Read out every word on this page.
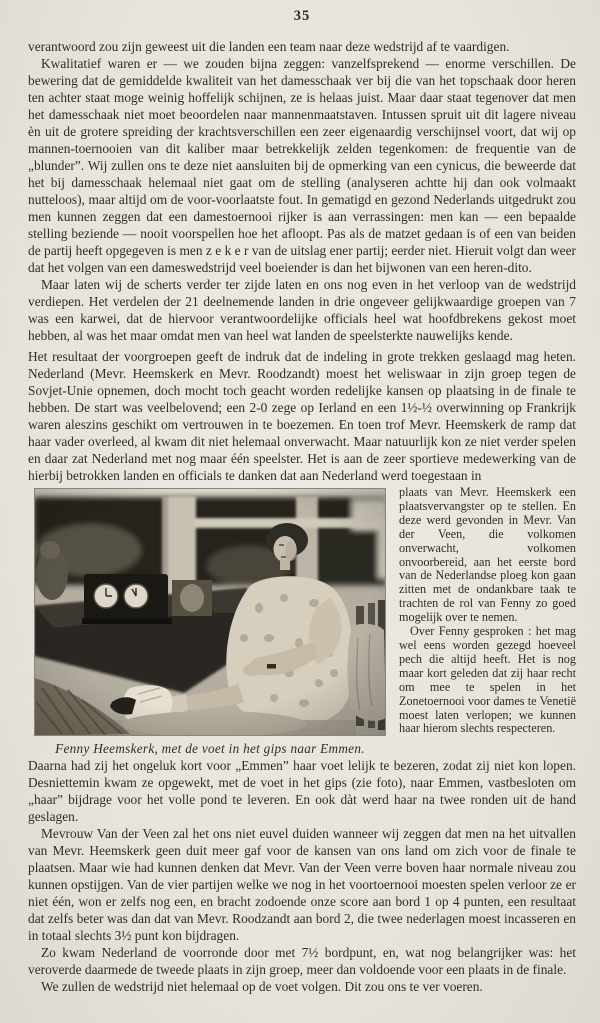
35

verantwoord zou zijn geweest uit die landen een team naar deze wedstrijd af te vaardigen.

Kwalitatief waren er — we zouden bijna zeggen: vanzelfsprekend — enorme verschillen. De bewering dat de gemiddelde kwaliteit van het damesschaak ver bij die van het topschaak door heren ten achter staat moge weinig hoffelijk schijnen, ze is helaas juist. Maar daar staat tegenover dat men het damesschaak niet moet beoordelen naar mannenmaatstaven. Intussen spruit uit dit lagere niveau èn uit de grotere spreiding der krachtsverschillen een zeer eigenaardig verschijnsel voort, dat wij op mannen-toernooien van dit kaliber maar betrekkelijk zelden tegenkomen: de frequentie van de „blunder”. Wij zullen ons te deze niet aansluiten bij de opmerking van een cynicus, die beweerde dat het bij damesschaak helemaal niet gaat om de stelling (analyseren achtte hij dan ook volmaakt nutteloos), maar altijd om de voor-voorlaatste fout. In gematigd en gezond Nederlands uitgedrukt zou men kunnen zeggen dat een damestoernooi rijker is aan verrassingen: men kan — een bepaalde stelling beziende — nooit voorspellen hoe het afloopt. Pas als de matzet gedaan is of een van beiden de partij heeft opgegeven is men z e k e r van de uitslag ener partij; eerder niet. Hieruit volgt dan weer dat het volgen van een dameswedstrijd veel boeiender is dan het bijwonen van een heren-dito.

Maar laten wij de scherts verder ter zijde laten en ons nog even in het verloop van de wedstrijd verdiepen. Het verdelen der 21 deelnemende landen in drie ongeveer gelijkwaardige groepen van 7 was een karwei, dat de hiervoor verantwoordelijke officials heel wat hoofdbrekens gekost moet hebben, al was het maar omdat men van heel wat landen de speelsterkte nauwelijks kende.

Het resultaat der voorgroepen geeft de indruk dat de indeling in grote trekken geslaagd mag heten. Nederland (Mevr. Heemskerk en Mevr. Roodzandt) moest het weliswaar in zijn groep tegen de Sovjet-Unie opnemen, doch mocht toch geacht worden redelijke kansen op plaatsing in de finale te hebben. De start was veelbelovend; een 2-0 zege op Ierland en een 1½-½ overwinning op Frankrijk waren aleszins geschikt om vertrouwen in te boezemen. En toen trof Mevr. Heemskerk de ramp dat haar vader overleed, al kwam dit niet helemaal onverwacht. Maar natuurlijk kon ze niet verder spelen en daar zat Nederland met nog maar één speelster. Het is aan de zeer sportieve medewerking van de hierbij betrokken landen en officials te danken dat aan Nederland werd toegestaan in

Fenny Heemskerk, met de voet in het gips naar Emmen.

plaats van Mevr. Heemskerk een plaatsvervangster op te stellen. En deze werd gevonden in Mevr. Van der Veen, die volkomen onverwacht, volkomen onvoorbereid, aan het eerste bord van de Nederlandse ploeg kon gaan zitten met de ondankbare taak te trachten de rol van Fenny zo goed mogelijk over te nemen.

Over Fenny gesproken : het mag wel eens worden gezegd hoeveel pech die altijd heeft. Het is nog maar kort geleden dat zij haar recht om mee te spelen in het Zonetoernooi voor dames te Venetië moest laten verlopen; we kunnen haar hierom slechts respecteren.

Daarna had zij het ongeluk kort voor „Emmen” haar voet lelijk te bezeren, zodat zij niet kon lopen. Desniettemin kwam ze opgewekt, met de voet in het gips (zie foto), naar Emmen, vastbesloten om „haar” bijdrage voor het volle pond te leveren. En ook dàt werd haar na twee ronden uit de hand geslagen.

Mevrouw Van der Veen zal het ons niet euvel duiden wanneer wij zeggen dat men na het uitvallen van Mevr. Heemskerk geen duit meer gaf voor de kansen van ons land om zich voor de finale te plaatsen. Maar wie had kunnen denken dat Mevr. Van der Veen verre boven haar normale niveau zou kunnen opstijgen. Van de vier partijen welke we nog in het voortoernooi moesten spelen verloor ze er niet één, won er zelfs nog een, en bracht zodoende onze score aan bord 1 op 4 punten, een resultaat dat zelfs beter was dan dat van Mevr. Roodzandt aan bord 2, die twee nederlagen moest incasseren en in totaal slechts 3½ punt kon bijdragen.

Zo kwam Nederland de voorronde door met 7½ bordpunt, en, wat nog belangrijker was: het veroverde daarmede de tweede plaats in zijn groep, meer dan voldoende voor een plaats in de finale.

We zullen de wedstrijd niet helemaal op de voet volgen. Dit zou ons te ver voeren.
